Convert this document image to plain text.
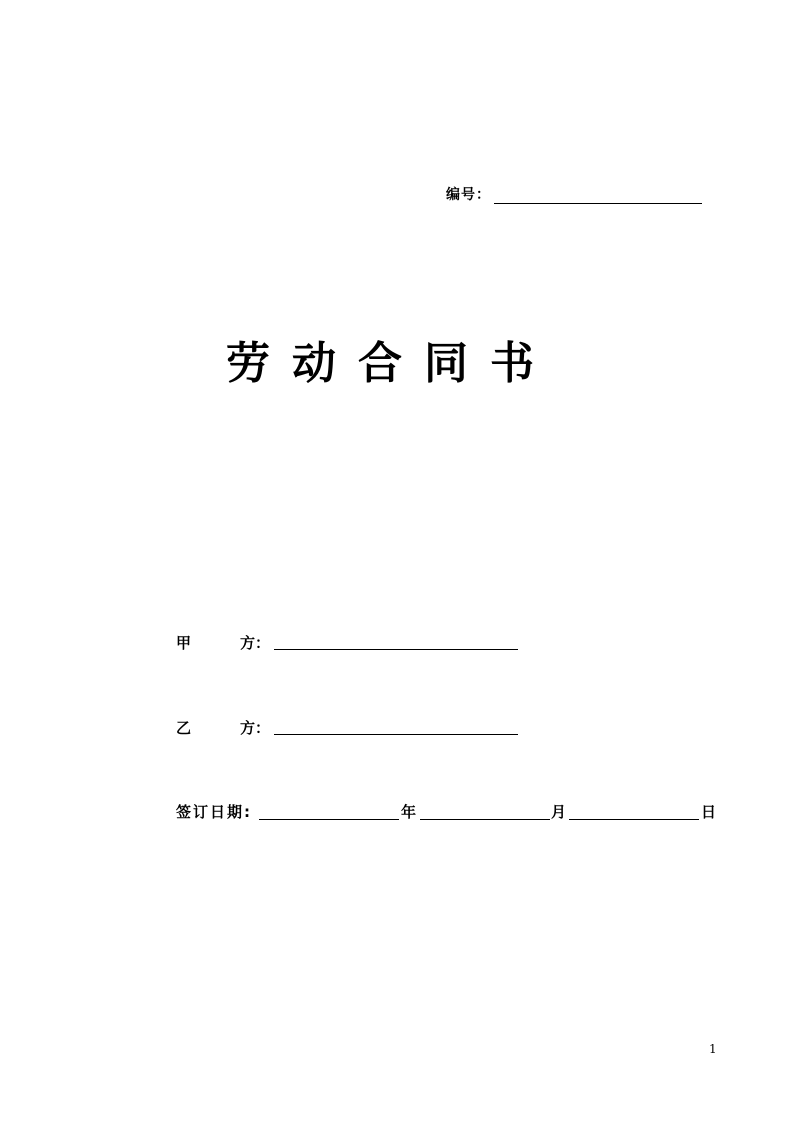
编号：
劳动合同书
甲	方：
乙	方：
签订日期:	年	月	日
1
